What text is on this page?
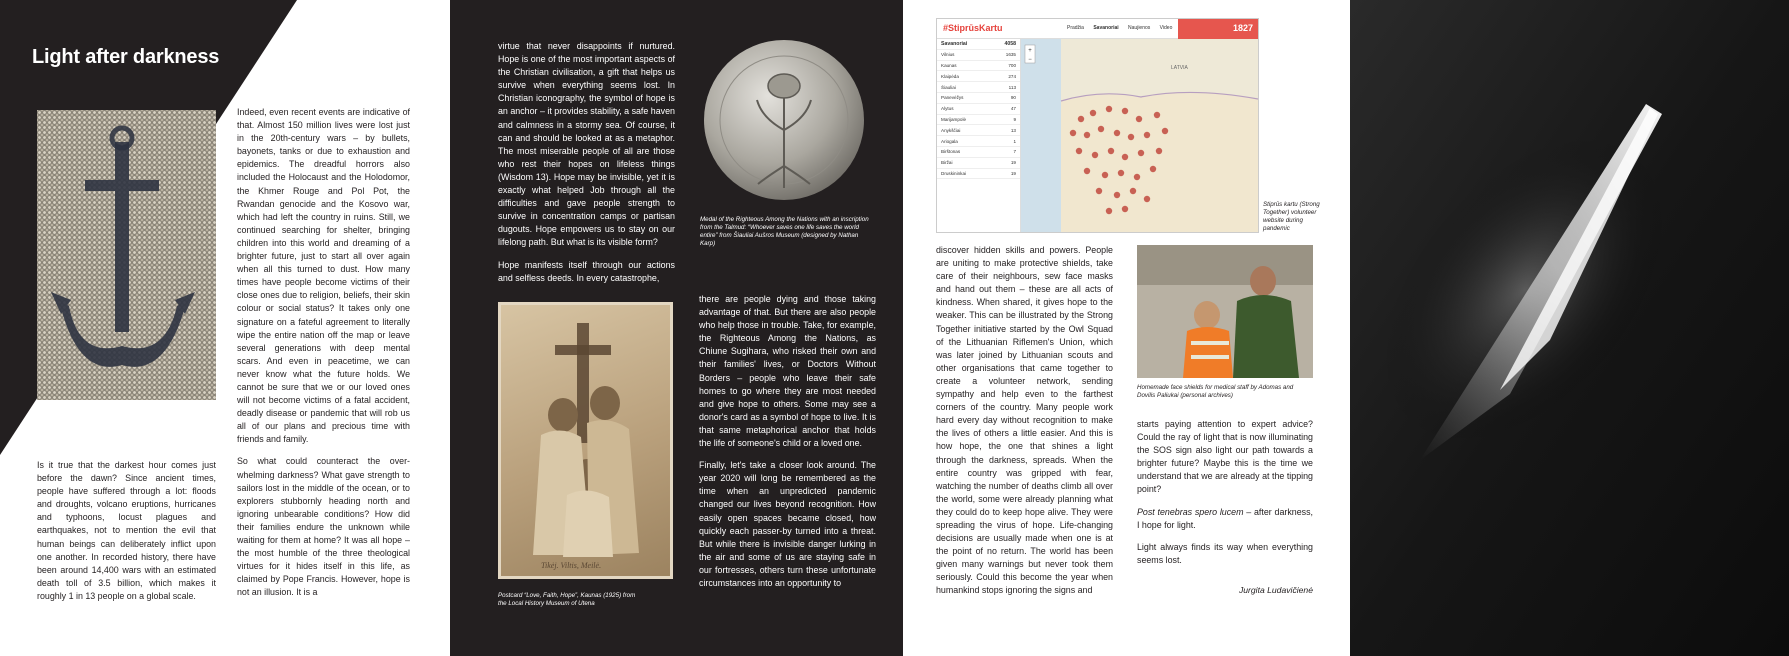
Light after darkness
Anchor in an ancient Roman house in Delos (Charles Walker Collection, Alamy Limited)

Is it true that the darkest hour comes just before the dawn? Since ancient times, people have suffered through a lot: floods and droughts, volcano eruptions, hurricanes and typhoons, locust plagues and earthquakes, not to mention the evil that human beings can deliberately inflict upon one another. In recorded history, there have been around 14,400 wars with an estimated death toll of 3.5 billion, which makes it roughly 1 in 13 people on a global scale.

Indeed, even recent events are indicative of that. Almost 150 million lives were lost just in the 20th-century wars – by bullets, bayonets, tanks or due to exhaustion and epidemics. The dreadful horrors also included the Holocaust and the Holodomor, the Khmer Rouge and Pol Pot, the Rwandan genocide and the Kosovo war, which had left the country in ruins. Still, we continued searching for shelter, bringing children into this world and dreaming of a brighter future, just to start all over again when all this turned to dust. How many times have people become victims of their close ones due to religion, beliefs, their skin colour or social status? It takes only one signature on a fateful agreement to literally wipe the entire nation off the map or leave several generations with deep mental scars. And even in peacetime, we can never know what the future holds. We cannot be sure that we or our loved ones will not become victims of a fatal accident, deadly disease or pandemic that will rob us all of our plans and precious time with friends and family.

So what could counteract the over-whelming darkness? What gave strength to sailors lost in the middle of the ocean, or to explorers stubbornly heading north and ignoring unbearable conditions? How did their families endure the unknown while waiting for them at home? It was all hope – the most humble of the three theological virtues for it hides itself in this life, as claimed by Pope Francis. However, hope is not an illusion. It is a

virtue that never disappoints if nurtured. Hope is one of the most important aspects of the Christian civilisation, a gift that helps us survive when everything seems lost. In Christian iconography, the symbol of hope is an anchor – it provides stability, a safe haven and calmness in a stormy sea. Of course, it can and should be looked at as a metaphor. The most miserable people of all are those who rest their hopes on lifeless things (Wisdom 13). Hope may be invisible, yet it is exactly what helped Job through all the difficulties and gave people strength to survive in concentration camps or partisan dugouts. Hope empowers us to stay on our lifelong path. But what is its visible form?

Hope manifests itself through our actions and selfless deeds. In every catastrophe,

Medal of the Righteous Among the Nations with an inscription from the Talmud: “Whoever saves one life saves the world entire” from Šiauliai Aušros Museum (designed by Nathan Karp)
Tikėj. Viltis, Meilė.
Postcard “Love, Faith, Hope”, Kaunas (1925) from the Local History Museum of Utena

there are people dying and those taking advantage of that. But there are also people who help those in trouble. Take, for example, the Righteous Among the Nations, as Chiune Sugihara, who risked their own and their families' lives, or Doctors Without Borders – people who leave their safe homes to go where they are most needed and give hope to others. Some may see a donor's card as a symbol of hope to live. It is that same metaphorical anchor that holds the life of someone's child or a loved one.

Finally, let's take a closer look around. The year 2020 will long be remembered as the time when an unpredicted pandemic changed our lives beyond recognition. How easily open spaces became closed, how quickly each passer-by turned into a threat. But while there is invisible danger lurking in the air and some of us are staying safe in our fortresses, others turn these unfortunate circumstances into an opportunity to

#StiprūsKartu	Pradžia Savanoriai Naujienos Video	1827
Savanoriai	4058
Vilnius	1635
Kaunas	700
Klaipėda	274
Šiauliai	113
Panevėžys	90
Alytus	47
Marijampolė	9
Anykščiai	13
Ariogala	1
Birštonas	7
Biržai	19
Druskininkai	19
+
−
LATVIA
Stiprūs kartu (Strong Together) volunteer website during pandemic

discover hidden skills and powers. People are uniting to make protective shields, take care of their neighbours, sew face masks and hand out them – these are all acts of kindness. When shared, it gives hope to the weaker. This can be illustrated by the Strong Together initiative started by the Owl Squad of the Lithuanian Riflemen's Union, which was later joined by Lithuanian scouts and other organisations that came together to create a volunteer network, sending sympathy and help even to the farthest corners of the country. Many people work hard every day without recognition to make the lives of others a little easier. And this is how hope, the one that shines a light through the darkness, spreads. When the entire country was gripped with fear, watching the number of deaths climb all over the world, some were already planning what they could do to keep hope alive. They were spreading the virus of hope. Life-changing decisions are usually made when one is at the point of no return. The world has been given many warnings but never took them seriously. Could this become the year when humankind stops ignoring the signs and

Homemade face shields for medical staff by Adomas and Dovilis Paliukai (personal archives)

starts paying attention to expert advice? Could the ray of light that is now illuminating the SOS sign also light our path towards a brighter future? Maybe this is the time we understand that we are already at the tipping point?

Post tenebras spero lucem – after darkness, I hope for light.

Light always finds its way when everything seems lost.

Jurgita Ludavičienė
